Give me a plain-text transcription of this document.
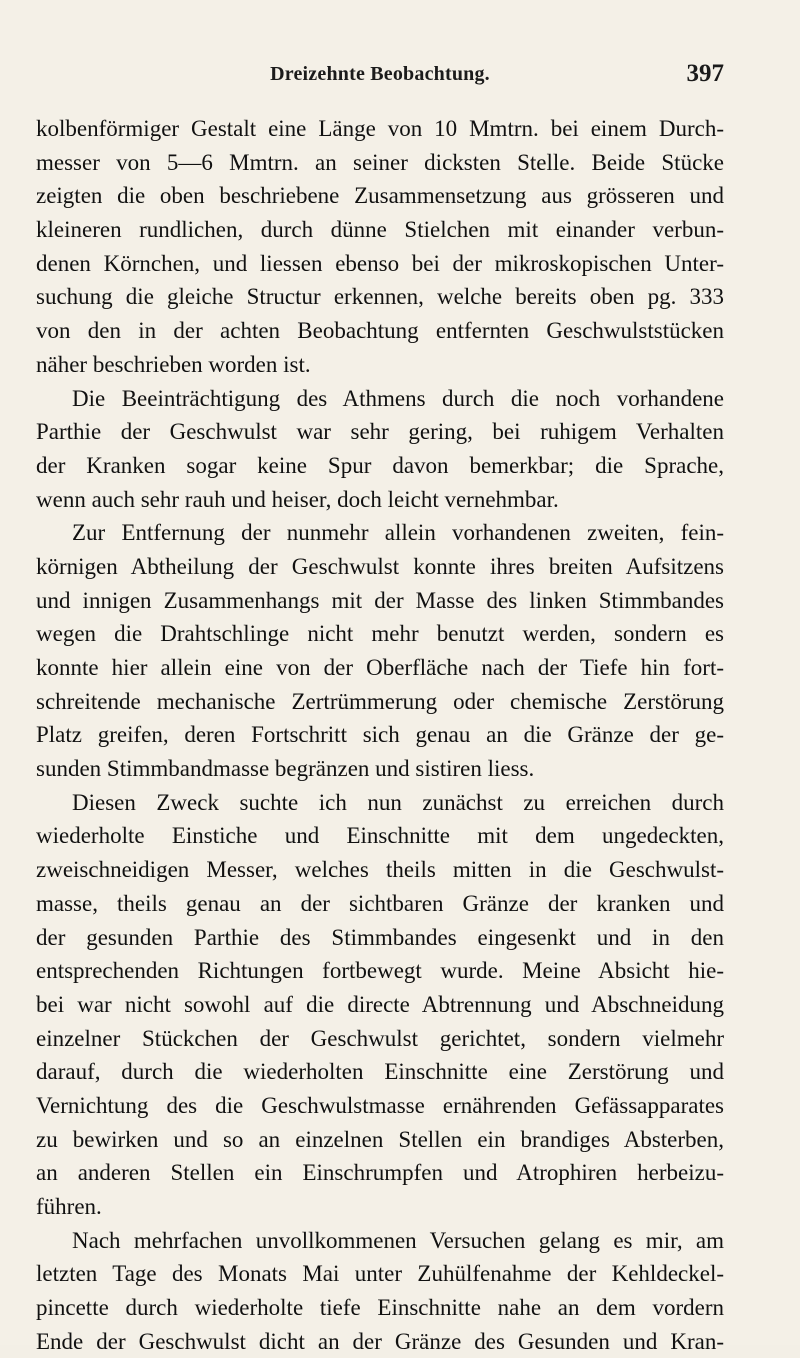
Dreizehnte Beobachtung.	397
kolbenförmiger Gestalt eine Länge von 10 Mmtrn. bei einem Durch-
messer von 5—6 Mmtrn. an seiner dicksten Stelle. Beide Stücke
zeigten die oben beschriebene Zusammensetzung aus grösseren und
kleineren rundlichen, durch dünne Stielchen mit einander verbun-
denen Körnchen, und liessen ebenso bei der mikroskopischen Unter-
suchung die gleiche Structur erkennen, welche bereits oben pg. 333
von den in der achten Beobachtung entfernten Geschwulststücken
näher beschrieben worden ist.
Die Beeinträchtigung des Athmens durch die noch vorhandene
Parthie der Geschwulst war sehr gering, bei ruhigem Verhalten
der Kranken sogar keine Spur davon bemerkbar; die Sprache,
wenn auch sehr rauh und heiser, doch leicht vernehmbar.
Zur Entfernung der nunmehr allein vorhandenen zweiten, fein-
körnigen Abtheilung der Geschwulst konnte ihres breiten Aufsitzens
und innigen Zusammenhangs mit der Masse des linken Stimmbandes
wegen die Drahtschlinge nicht mehr benutzt werden, sondern es
konnte hier allein eine von der Oberfläche nach der Tiefe hin fort-
schreitende mechanische Zertrümmerung oder chemische Zerstörung
Platz greifen, deren Fortschritt sich genau an die Gränze der ge-
sunden Stimmbandmasse begränzen und sistiren liess.
Diesen Zweck suchte ich nun zunächst zu erreichen durch
wiederholte Einstiche und Einschnitte mit dem ungedeckten,
zweischneidigen Messer, welches theils mitten in die Geschwulst-
masse, theils genau an der sichtbaren Gränze der kranken und
der gesunden Parthie des Stimmbandes eingesenkt und in den
entsprechenden Richtungen fortbewegt wurde. Meine Absicht hie-
bei war nicht sowohl auf die directe Abtrennung und Abschneidung
einzelner Stückchen der Geschwulst gerichtet, sondern vielmehr
darauf, durch die wiederholten Einschnitte eine Zerstörung und
Vernichtung des die Geschwulstmasse ernährenden Gefässapparates
zu bewirken und so an einzelnen Stellen ein brandiges Absterben,
an anderen Stellen ein Einschrumpfen und Atrophiren herbeizu-
führen.
Nach mehrfachen unvollkommenen Versuchen gelang es mir, am
letzten Tage des Monats Mai unter Zuhülfenahme der Kehldeckel-
pincette durch wiederholte tiefe Einschnitte nahe an dem vordern
Ende der Geschwulst dicht an der Gränze des Gesunden und Kran-
